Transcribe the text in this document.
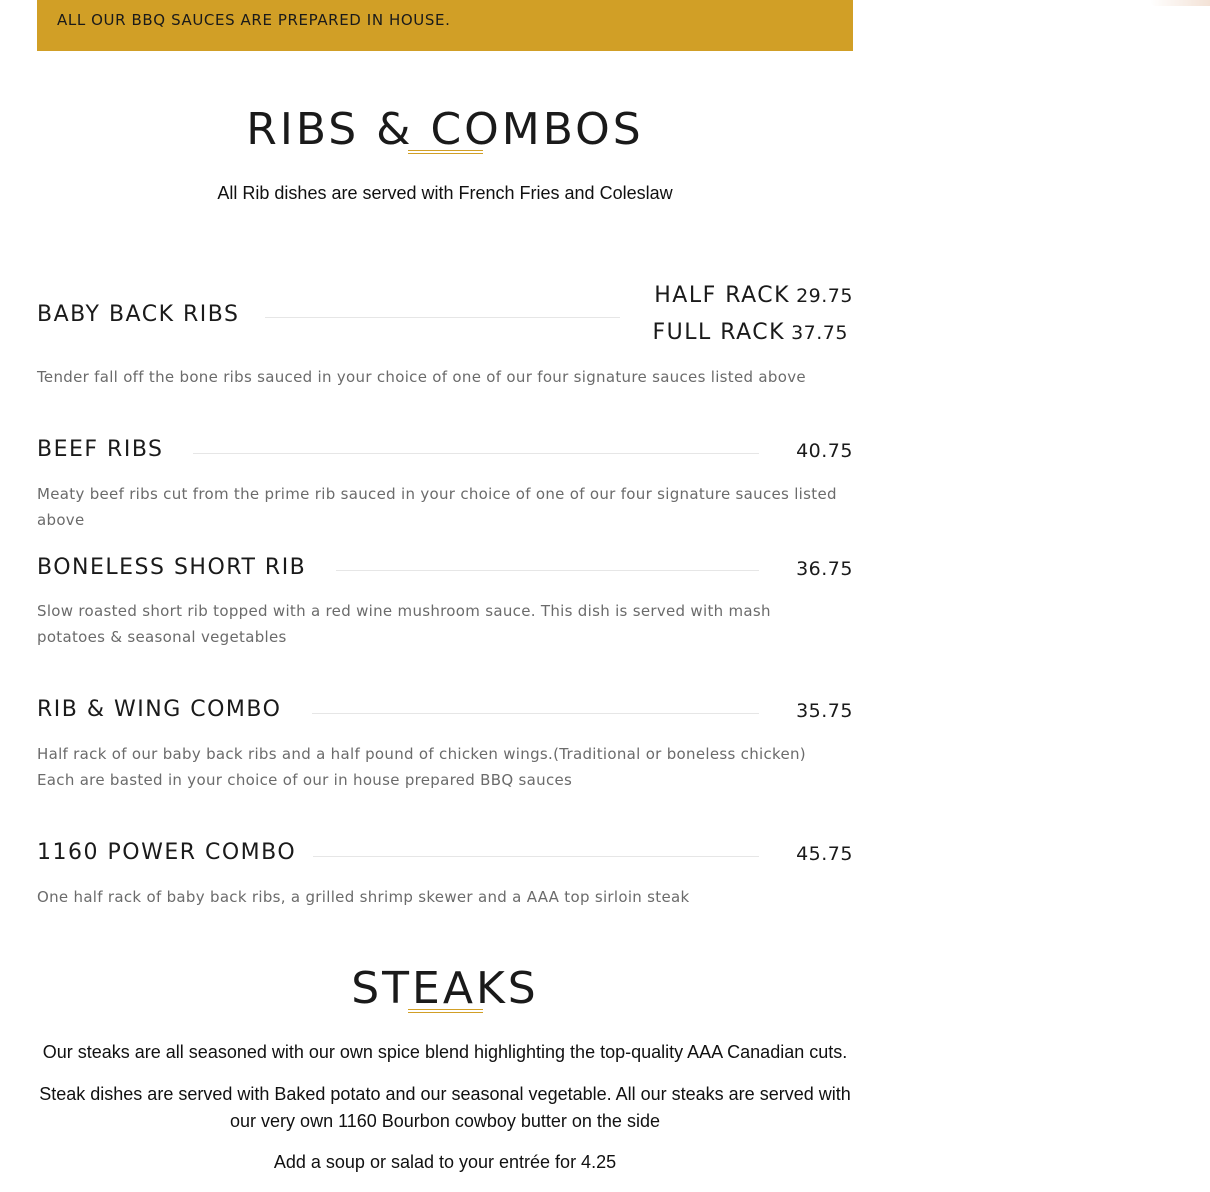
ALL OUR BBQ SAUCES ARE PREPARED IN HOUSE.
RIBS & COMBOS
All Rib dishes are served with French Fries and Coleslaw
BABY BACK RIBS
HALF RACK 29.75
FULL RACK 37.75
Tender fall off the bone ribs sauced in your choice of one of our four signature sauces listed above
BEEF RIBS	40.75
Meaty beef ribs cut from the prime rib sauced in your choice of one of our four signature sauces listed above
BONELESS SHORT RIB	36.75
Slow roasted short rib topped with a red wine mushroom sauce. This dish is served with mash potatoes & seasonal vegetables
RIB & WING COMBO	35.75
Half rack of our baby back ribs and a half pound of chicken wings.(Traditional or boneless chicken) Each are basted in your choice of our in house prepared BBQ sauces
1160 POWER COMBO	45.75
One half rack of baby back ribs, a grilled shrimp skewer and a AAA top sirloin steak
STEAKS
Our steaks are all seasoned with our own spice blend highlighting the top-quality AAA Canadian cuts.
Steak dishes are served with Baked potato and our seasonal vegetable. All our steaks are served with our very own 1160 Bourbon cowboy butter on the side
Add a soup or salad to your entrée for 4.25
